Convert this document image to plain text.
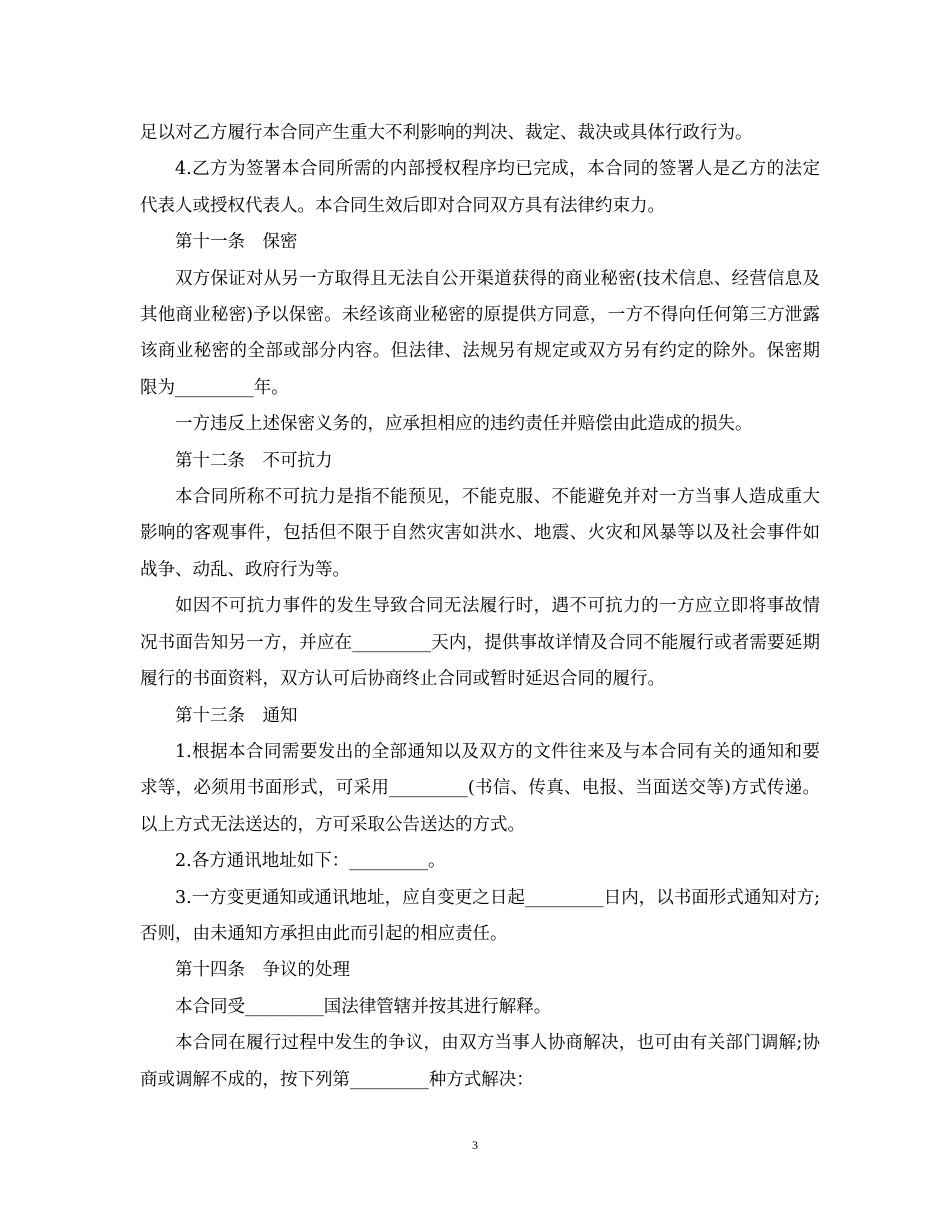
足以对乙方履行本合同产生重大不利影响的判决、裁定、裁决或具体行政行为。

4.乙方为签署本合同所需的内部授权程序均已完成，本合同的签署人是乙方的法定代表人或授权代表人。本合同生效后即对合同双方具有法律约束力。

第十一条　保密

双方保证对从另一方取得且无法自公开渠道获得的商业秘密(技术信息、经营信息及其他商业秘密)予以保密。未经该商业秘密的原提供方同意，一方不得向任何第三方泄露该商业秘密的全部或部分内容。但法律、法规另有规定或双方另有约定的除外。保密期限为_________年。

一方违反上述保密义务的，应承担相应的违约责任并赔偿由此造成的损失。

第十二条　不可抗力

本合同所称不可抗力是指不能预见，不能克服、不能避免并对一方当事人造成重大影响的客观事件，包括但不限于自然灾害如洪水、地震、火灾和风暴等以及社会事件如战争、动乱、政府行为等。

如因不可抗力事件的发生导致合同无法履行时，遇不可抗力的一方应立即将事故情况书面告知另一方，并应在_________天内，提供事故详情及合同不能履行或者需要延期履行的书面资料，双方认可后协商终止合同或暂时延迟合同的履行。

第十三条　通知

1.根据本合同需要发出的全部通知以及双方的文件往来及与本合同有关的通知和要求等，必须用书面形式，可采用_________(书信、传真、电报、当面送交等)方式传递。以上方式无法送达的，方可采取公告送达的方式。

2.各方通讯地址如下：_________。

3.一方变更通知或通讯地址，应自变更之日起_________日内，以书面形式通知对方;否则，由未通知方承担由此而引起的相应责任。

第十四条　争议的处理

本合同受_________国法律管辖并按其进行解释。

本合同在履行过程中发生的争议，由双方当事人协商解决，也可由有关部门调解;协商或调解不成的，按下列第_________种方式解决：

3
